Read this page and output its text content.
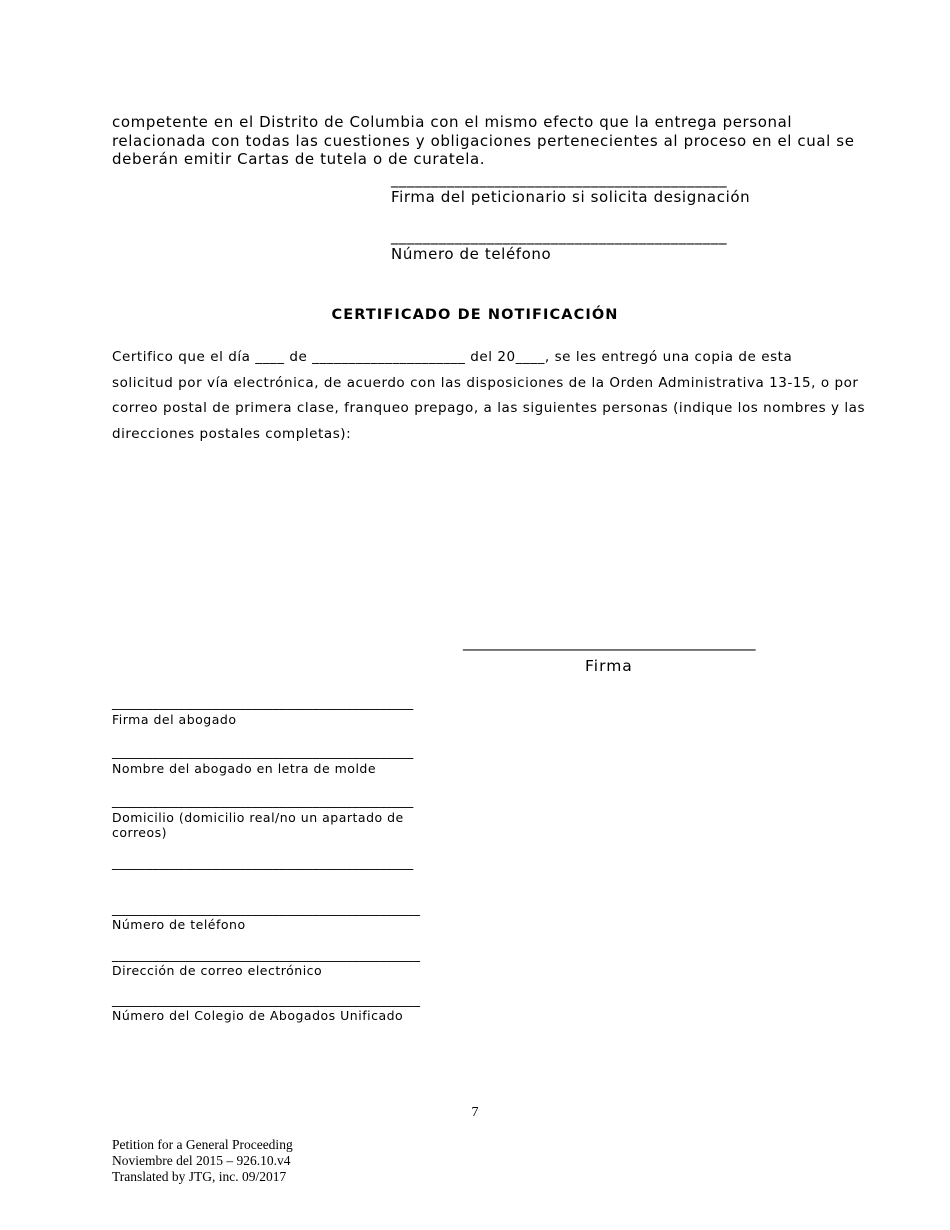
competente en el Distrito de Columbia con el mismo efecto que la entrega personal
relacionada con todas las cuestiones y obligaciones pertenecientes al proceso en el cual se
deberán emitir Cartas de tutela o de curatela.
__________________________________________
Firma del peticionario si solicita designación
__________________________________________
Número de teléfono
CERTIFICADO DE NOTIFICACIÓN
Certifico que el día ____ de _____________________ del 20____, se les entregó una copia de esta
solicitud por vía electrónica, de acuerdo con las disposiciones de la Orden Administrativa 13-15, o por
correo postal de primera clase, franqueo prepago, a las siguientes personas (indique los nombres y las
direcciones postales completas):
_______________________________________
Firma
_____________________________________________
Firma del abogado
_____________________________________________
Nombre del abogado en letra de molde
_____________________________________________
Domicilio (domicilio real/no un apartado de
correos)
_____________________________________________
______________________________________________
Número de teléfono
______________________________________________
Dirección de correo electrónico
______________________________________________
Número del Colegio de Abogados Unificado
7
Petition for a General Proceeding
Noviembre del 2015 – 926.10.v4
Translated by JTG, inc. 09/2017
